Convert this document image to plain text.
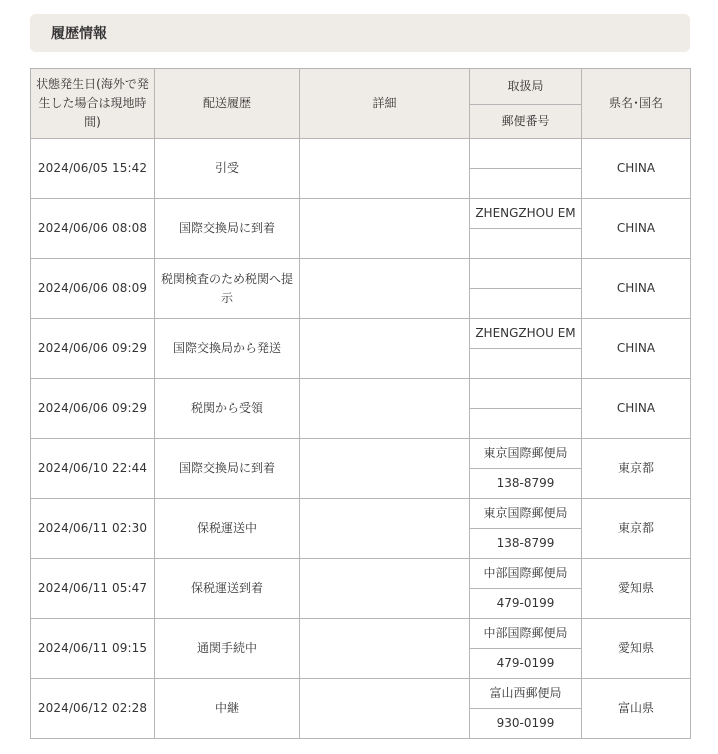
履歴情報
状態発生日(海外で発生した場合は現地時間)	配送履歴	詳細	取扱局	県名･国名
			郵便番号	
2024/06/05 15:42	引受			CHINA

2024/06/06 08:08	国際交換局に到着		ZHENGZHOU EM	CHINA

2024/06/06 08:09	税関検査のため税関へ提示			CHINA

2024/06/06 09:29	国際交換局から発送		ZHENGZHOU EM	CHINA

2024/06/06 09:29	税関から受領			CHINA

2024/06/10 22:44	国際交換局に到着		東京国際郵便局	東京都
			138-8799	
2024/06/11 02:30	保税運送中		東京国際郵便局	東京都
			138-8799	
2024/06/11 05:47	保税運送到着		中部国際郵便局	愛知県
			479-0199	
2024/06/11 09:15	通関手続中		中部国際郵便局	愛知県
			479-0199	
2024/06/12 02:28	中継		富山西郵便局	富山県
			930-0199	
